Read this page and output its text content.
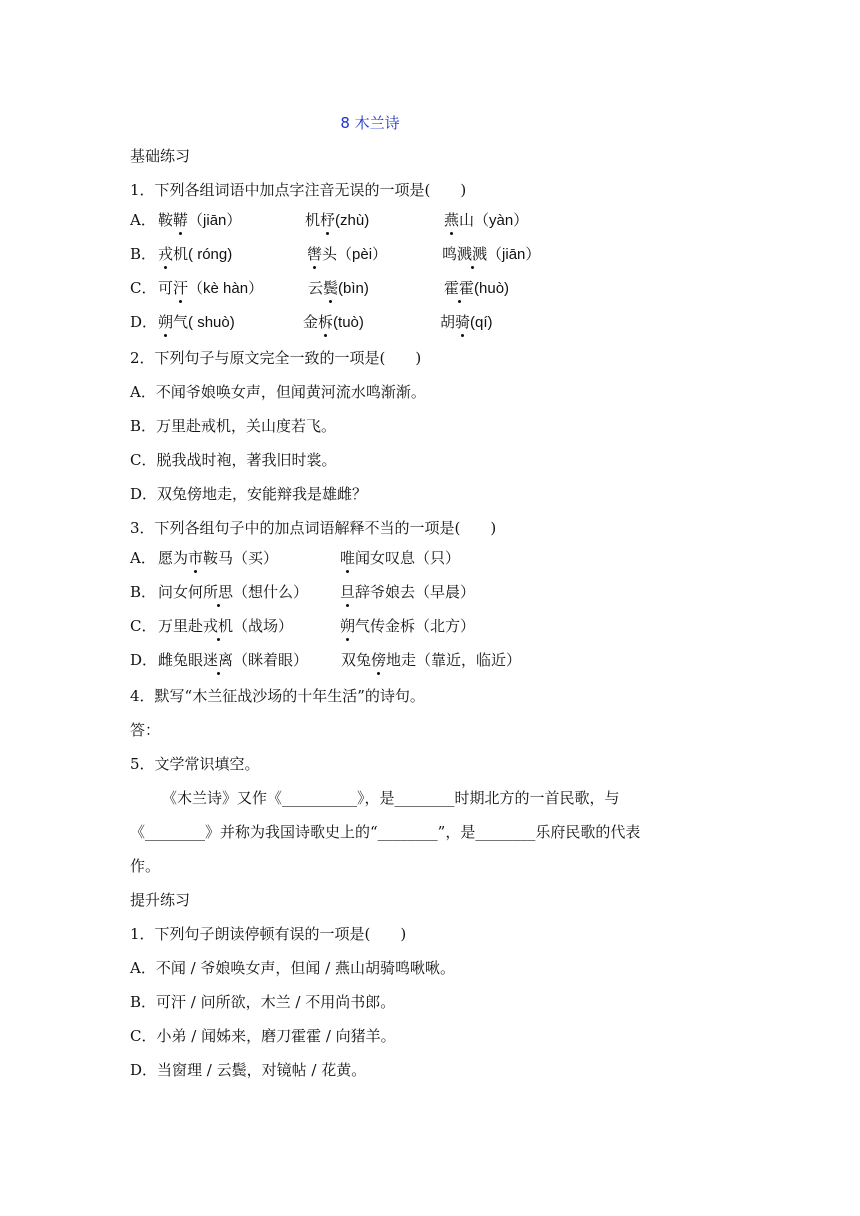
8 木兰诗
基础练习
1．下列各组词语中加点字注音无误的一项是(　　)
A． 鞍鞯（jiān）	机杼(zhù)	燕山（yàn）
B． 戎机( róng)	辔头（pèi）	鸣溅溅（jiān）
C． 可汗（kè hàn）	云鬓(bìn)	霍霍(huò)
D． 朔气( shuò)	金柝(tuò)	胡骑(qí)
2．下列句子与原文完全一致的一项是(　　)
A．不闻爷娘唤女声，但闻黄河流水鸣渐渐。
B．万里赴戒机，关山度若飞。
C．脱我战时袍，著我旧时裳。
D．双兔傍地走，安能辩我是雄雌？
3．下列各组句子中的加点词语解释不当的一项是(　　)
A． 愿为市鞍马（买）	唯闻女叹息（只）
B． 问女何所思（想什么） 旦辞爷娘去（早晨）
C． 万里赴戎机（战场）	朔气传金柝（北方）
D． 雌兔眼迷离（眯着眼） 双兔傍地走（靠近，临近）
4．默写“木兰征战沙场的十年生活”的诗句。
答：
5．文学常识填空。
《木兰诗》又作《__________》，是________时期北方的一首民歌，与
《________》并称为我国诗歌史上的“________”，是________乐府民歌的代表
作。
提升练习
1．下列句子朗读停顿有误的一项是(　　)
A．不闻 / 爷娘唤女声，但闻 / 燕山胡骑鸣啾啾。
B．可汗 / 问所欲，木兰 / 不用尚书郎。
C．小弟 / 闻姊来，磨刀霍霍 / 向猪羊。
D．当窗理 / 云鬓，对镜帖 / 花黄。
